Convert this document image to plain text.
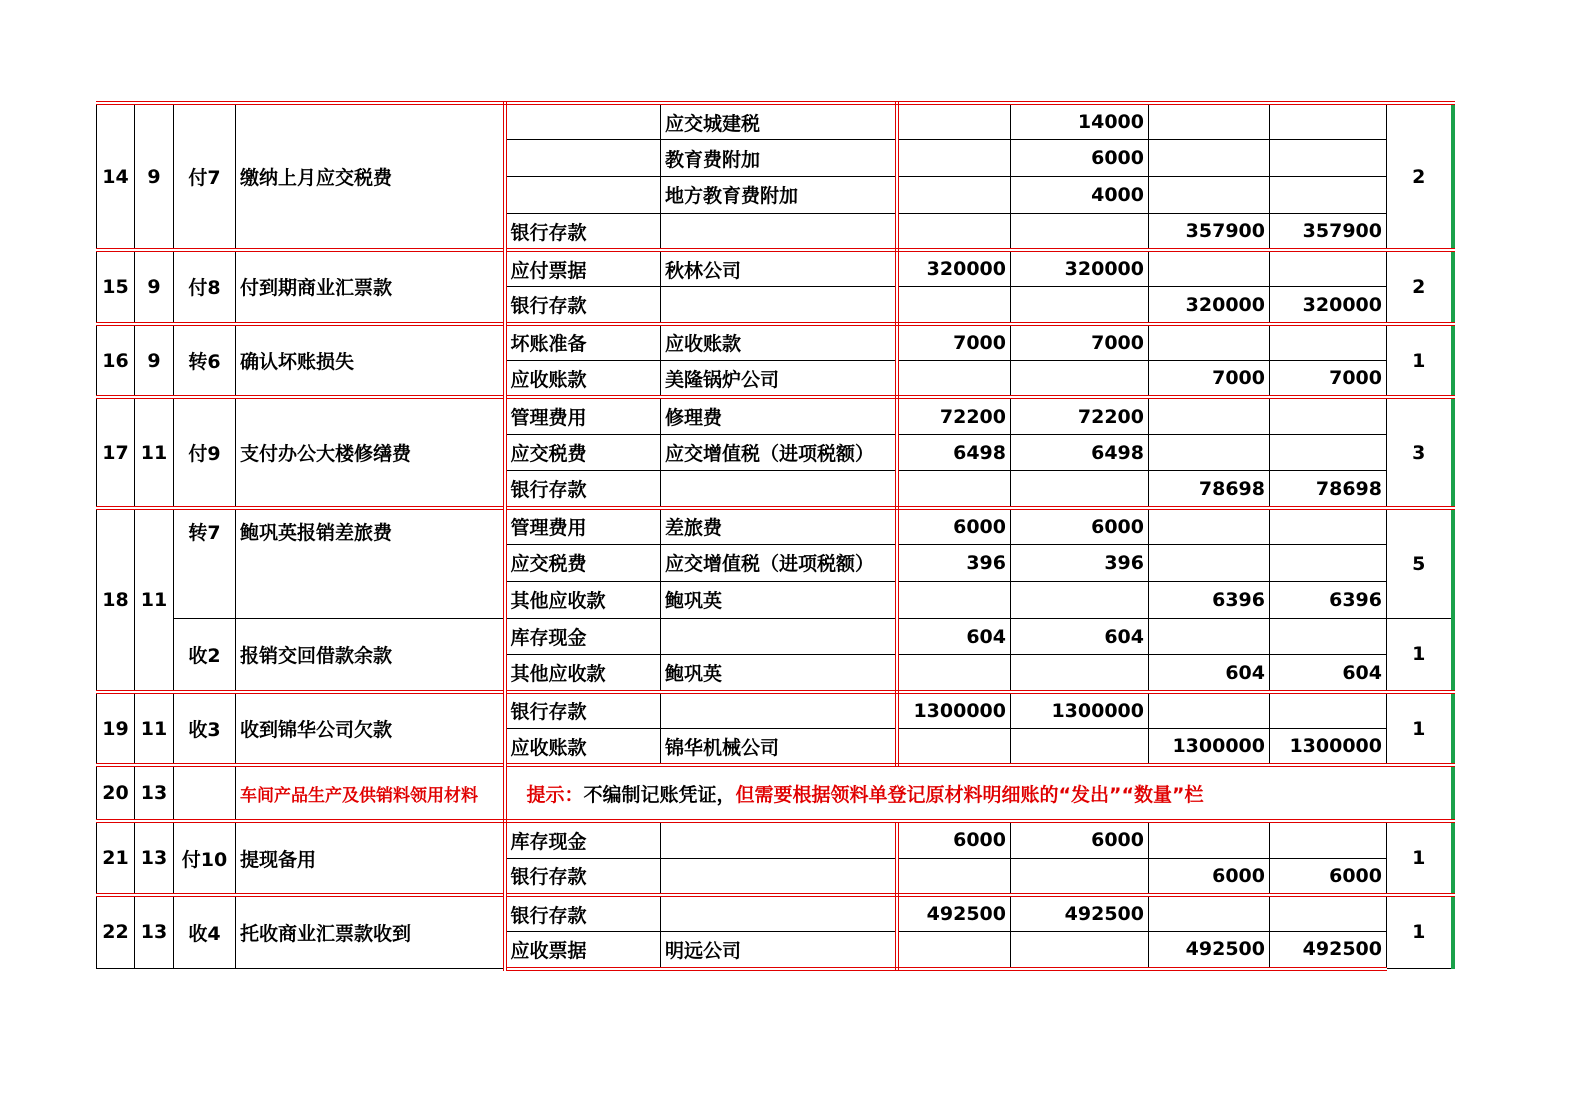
14	9	付7	缴纳上月应交税费		应交城建税		14000			2
					教育费附加		6000			
					地方教育费附加		4000			
				银行存款				357900	357900	
15	9	付8	付到期商业汇票款	应付票据	秋林公司	320000	320000			2
				银行存款				320000	320000	
16	9	转6	确认坏账损失	坏账准备	应收账款	7000	7000			1
				应收账款	美隆锅炉公司			7000	7000	
17	11	付9	支付办公大楼修缮费	管理费用	修理费	72200	72200			3
				应交税费	应交增值税（进项税额）	6498	6498			
				银行存款				78698	78698	
18	11	转7	鲍巩英报销差旅费	管理费用	差旅费	6000	6000			5
				应交税费	应交增值税（进项税额）	396	396			
				其他应收款	鲍巩英			6396	6396	
		收2	报销交回借款余款	库存现金		604	604			1
				其他应收款	鲍巩英			604	604	
19	11	收3	收到锦华公司欠款	银行存款		1300000	1300000			1
				应收账款	锦华机械公司			1300000	1300000	
20	13		车间产品生产及供销料领用材料	提示：不编制记账凭证，但需要根据领料单登记原材料明细账的“发出”“数量”栏						
21	13	付10	提现备用	库存现金		6000	6000			1
				银行存款				6000	6000	
22	13	收4	托收商业汇票款收到	银行存款		492500	492500			1
				应收票据	明远公司			492500	492500	
